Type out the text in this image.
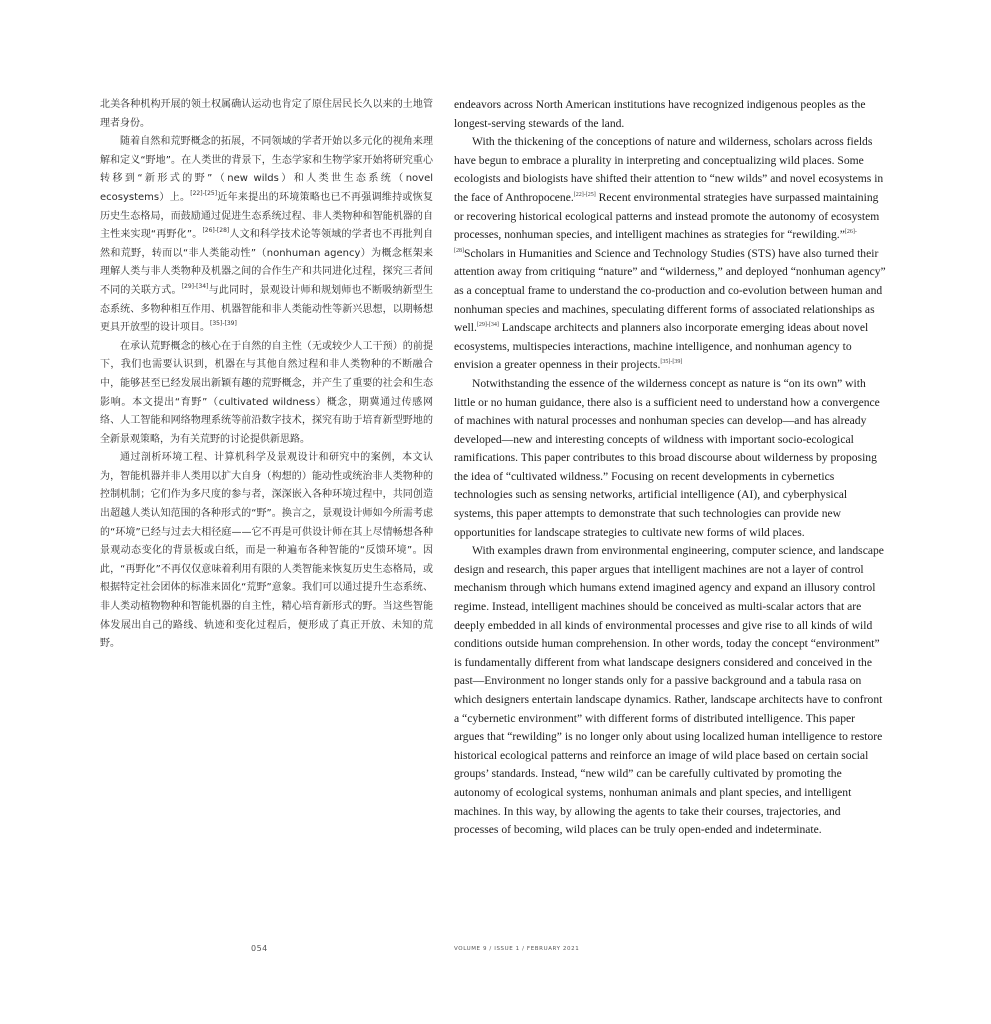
北美各种机构开展的领土权属确认运动也肯定了原住居民长久以来的土地管理者身份。

随着自然和荒野概念的拓展，不同领域的学者开始以多元化的视角来理解和定义“野地”。在人类世的背景下，生态学家和生物学家开始将研究重心转移到“新形式的野”（new wilds）和人类世生态系统（novel ecosystems）上。[22]-[25]近年来提出的环境策略也已不再强调维持或恢复历史生态格局，而鼓励通过促进生态系统过程、非人类物种和智能机器的自主性来实现“再野化”。[26]-[28]人文和科学技术论等领域的学者也不再批判自然和荒野，转而以“非人类能动性”（nonhuman agency）为概念框架来理解人类与非人类物种及机器之间的合作生产和共同进化过程，探究三者间不同的关联方式。[29]-[34]与此同时，景观设计师和规划师也不断吸纳新型生态系统、多物种相互作用、机器智能和非人类能动性等新兴思想，以期畅想更具开放型的设计项目。[35]-[39]

在承认荒野概念的核心在于自然的自主性（无或较少人工干预）的前提下，我们也需要认识到，机器在与其他自然过程和非人类物种的不断融合中，能够甚至已经发展出新颖有趣的荒野概念，并产生了重要的社会和生态影响。本文提出“育野”（cultivated wildness）概念，期冀通过传感网络、人工智能和网络物理系统等前沿数字技术，探究有助于培育新型野地的全新景观策略，为有关荒野的讨论提供新思路。

通过剖析环境工程、计算机科学及景观设计和研究中的案例，本文认为，智能机器并非人类用以扩大自身（构想的）能动性或统治非人类物种的控制机制；它们作为多尺度的参与者，深深嵌入各种环境过程中，共同创造出超越人类认知范围的各种形式的“野”。换言之，景观设计师如今所需考虑的“环境”已经与过去大相径庭——它不再是可供设计师在其上尽情畅想各种景观动态变化的背景板或白纸，而是一种遍布各种智能的“反馈环境”。因此，“再野化”不再仅仅意味着利用有限的人类智能来恢复历史生态格局，或根据特定社会团体的标准来固化“荒野”意象。我们可以通过提升生态系统、非人类动植物物种和智能机器的自主性，精心培育新形式的野。当这些智能体发展出自己的路线、轨迹和变化过程后，便形成了真正开放、未知的荒野。

endeavors across North American institutions have recognized indigenous peoples as the longest-serving stewards of the land.

With the thickening of the conceptions of nature and wilderness, scholars across fields have begun to embrace a plurality in interpreting and conceptualizing wild places. Some ecologists and biologists have shifted their attention to “new wilds” and novel ecosystems in the face of Anthropocene.[22]-[25] Recent environmental strategies have surpassed maintaining or recovering historical ecological patterns and instead promote the autonomy of ecosystem processes, nonhuman species, and intelligent machines as strategies for “rewilding.”[26]-[28]Scholars in Humanities and Science and Technology Studies (STS) have also turned their attention away from critiquing “nature” and “wilderness,” and deployed “nonhuman agency” as a conceptual frame to understand the co-production and co-evolution between human and nonhuman species and machines, speculating different forms of associated relationships as well.[29]-[34] Landscape architects and planners also incorporate emerging ideas about novel ecosystems, multispecies interactions, machine intelligence, and nonhuman agency to envision a greater openness in their projects.[35]-[39]

Notwithstanding the essence of the wilderness concept as nature is “on its own” with little or no human guidance, there also is a sufficient need to understand how a convergence of machines with natural processes and nonhuman species can develop—and has already developed—new and interesting concepts of wildness with important socio-ecological ramifications. This paper contributes to this broad discourse about wilderness by proposing the idea of “cultivated wildness.” Focusing on recent developments in cybernetics technologies such as sensing networks, artificial intelligence (AI), and cyberphysical systems, this paper attempts to demonstrate that such technologies can provide new opportunities for landscape strategies to cultivate new forms of wild places.

With examples drawn from environmental engineering, computer science, and landscape design and research, this paper argues that intelligent machines are not a layer of control mechanism through which humans extend imagined agency and expand an illusory control regime. Instead, intelligent machines should be conceived as multi-scalar actors that are deeply embedded in all kinds of environmental processes and give rise to all kinds of wild conditions outside human comprehension. In other words, today the concept “environment” is fundamentally different from what landscape designers considered and conceived in the past—Environment no longer stands only for a passive background and a tabula rasa on which designers entertain landscape dynamics. Rather, landscape architects have to confront a “cybernetic environment” with different forms of distributed intelligence. This paper argues that “rewilding” is no longer only about using localized human intelligence to restore historical ecological patterns and reinforce an image of wild place based on certain social groups’ standards. Instead, “new wild” can be carefully cultivated by promoting the autonomy of ecological systems, nonhuman animals and plant species, and intelligent machines. In this way, by allowing the agents to take their courses, trajectories, and processes of becoming, wild places can be truly open-ended and indeterminate.

054	VOLUME 9 / ISSUE 1 / FEBRUARY 2021
